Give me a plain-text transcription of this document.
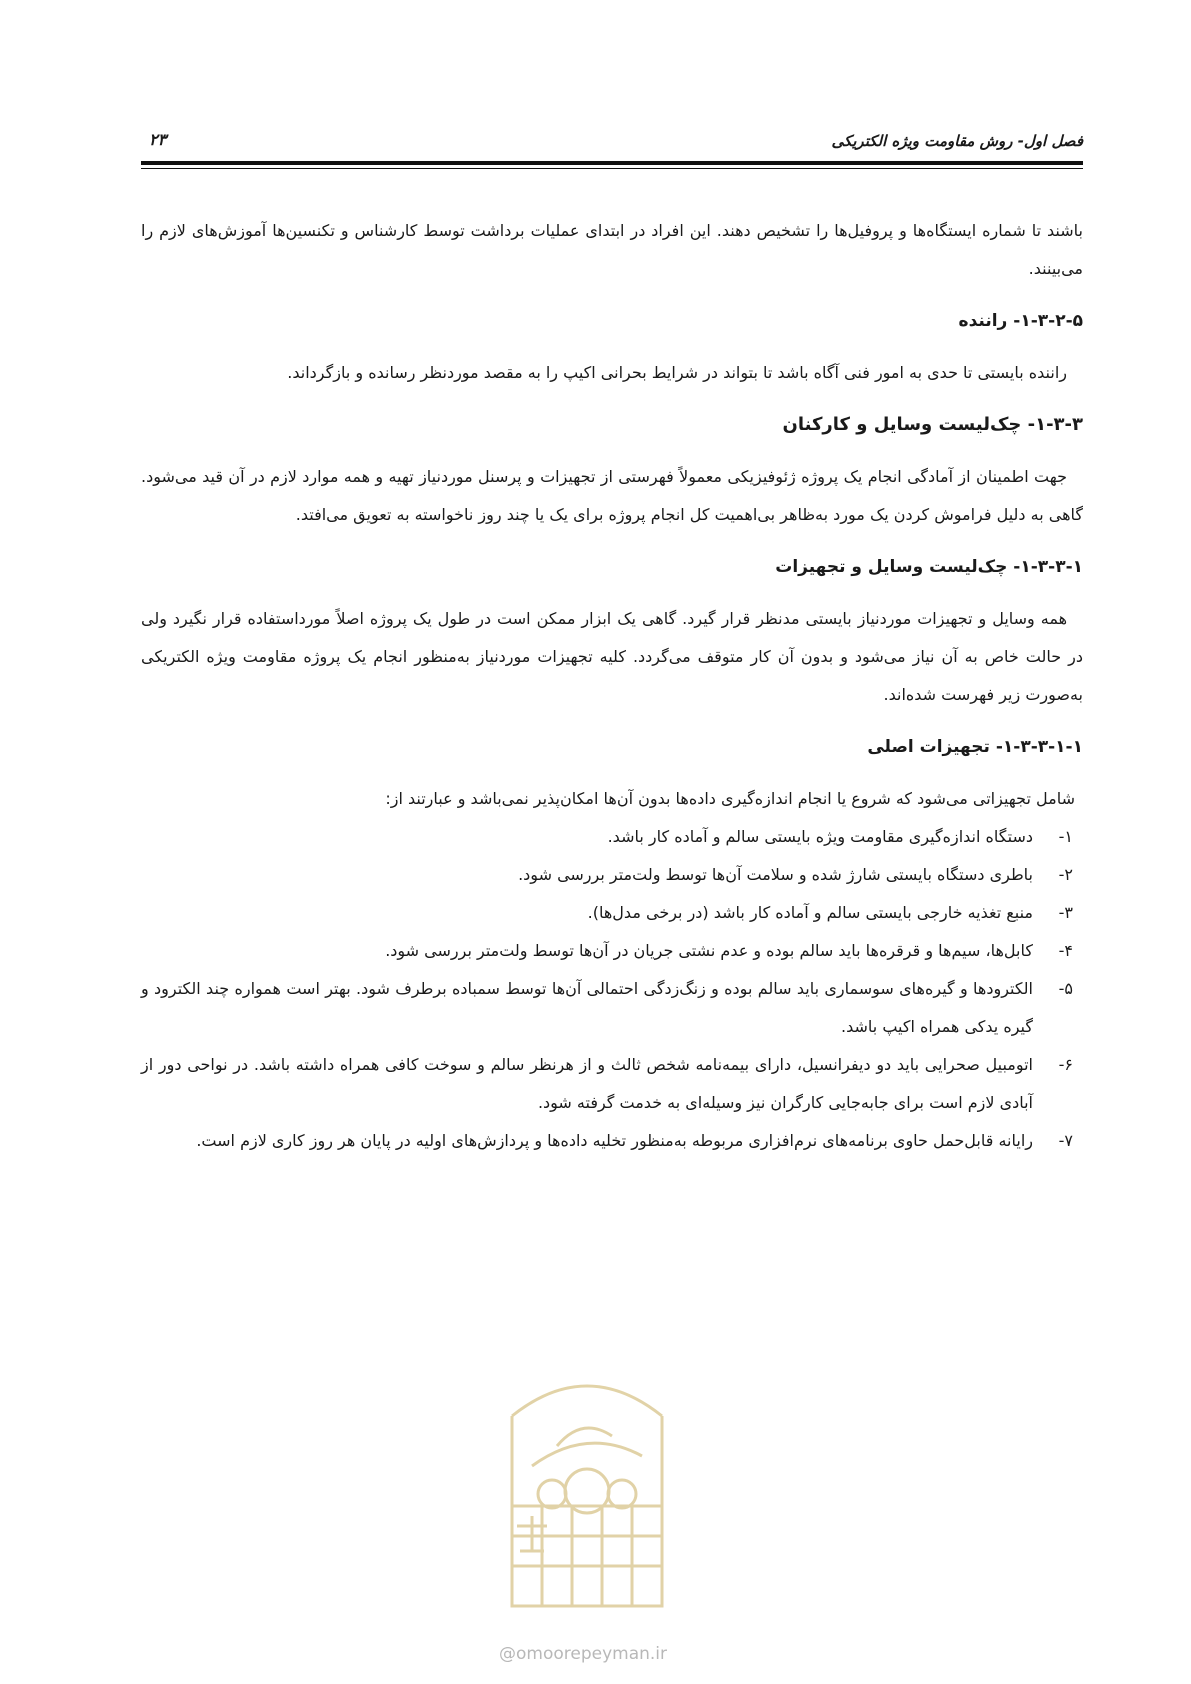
فصل اول- روش مقاومت ویژه الکتریکی
۲۳

باشند تا شماره ایستگاه‌ها و پروفیل‌ها را تشخیص دهند. این افراد در ابتدای عملیات برداشت توسط کارشناس و تکنسین‌ها آموزش‌های لازم را می‌بینند.

۱-۳-۲-۵- راننده

راننده بایستی تا حدی به امور فنی آگاه باشد تا بتواند در شرایط بحرانی اکیپ را به مقصد مورد‌نظر رسانده و بازگرداند.

۱-۳-۳- چک‌لیست وسایل و کارکنان

جهت اطمینان از آمادگی انجام یک پروژه ژئوفیزیکی معمولاً فهرستی از تجهیزات و پرسنل مورد‌نیاز تهیه و همه موارد لازم در آن قید می‌شود. گاهی به دلیل فراموش کردن یک مورد به‌ظاهر بی‌اهمیت کل انجام پروژه برای یک یا چند روز ناخواسته به تعویق می‌افتد.

۱-۳-۳-۱- چک‌لیست وسایل و تجهیزات

همه وسایل و تجهیزات مورد‌نیاز بایستی مدنظر قرار گیرد. گاهی یک ابزار ممکن است در طول یک پروژه اصلاً مورد‌استفاده قرار نگیرد ولی در حالت خاص به آن نیاز می‌شود و بدون آن کار متوقف می‌گردد. کلیه تجهیزات مورد‌نیاز به‌منظور انجام یک پروژه مقاومت ویژه الکتریکی به‌صورت زیر فهرست شده‌اند.

۱-۳-۳-۱-۱- تجهیزات اصلی

شامل تجهیزاتی می‌شود که شروع یا انجام اندازه‌گیری داده‌ها بدون آن‌ها امکان‌پذیر نمی‌باشد و عبارتند از:

۱-
دستگاه اندازه‌گیری مقاومت ویژه بایستی سالم و آماده کار باشد.
۲-
باطری دستگاه بایستی شارژ شده و سلامت آن‌ها توسط ولت‌متر بررسی شود.
۳-
منبع تغذیه خارجی بایستی سالم و آماده کار باشد (در برخی مدل‌ها).
۴-
کابل‌ها، سیم‌ها و قرقره‌ها باید سالم بوده و عدم نشتی جریان در آن‌ها توسط ولت‌متر بررسی شود.
۵-
الکترودها و گیره‌های سوسماری باید سالم بوده و زنگ‌زدگی احتمالی آن‌ها توسط سمباده برطرف شود. بهتر است همواره چند الکترود و گیره یدکی همراه اکیپ باشد.
۶-
اتومبیل صحرایی باید دو دیفرانسیل، دارای بیمه‌نامه شخص ثالث و از هرنظر سالم و سوخت کافی همراه داشته باشد. در نواحی دور از آبادی لازم است برای جابه‌جایی کارگران نیز وسیله‌ای به خدمت گرفته شود.
۷-
رایانه قابل‌حمل حاوی برنامه‌های نرم‌افزاری مربوطه به‌منظور تخلیه داده‌ها و پردازش‌های اولیه در پایان هر روز کاری لازم است.
@omoorepeyman.ir
